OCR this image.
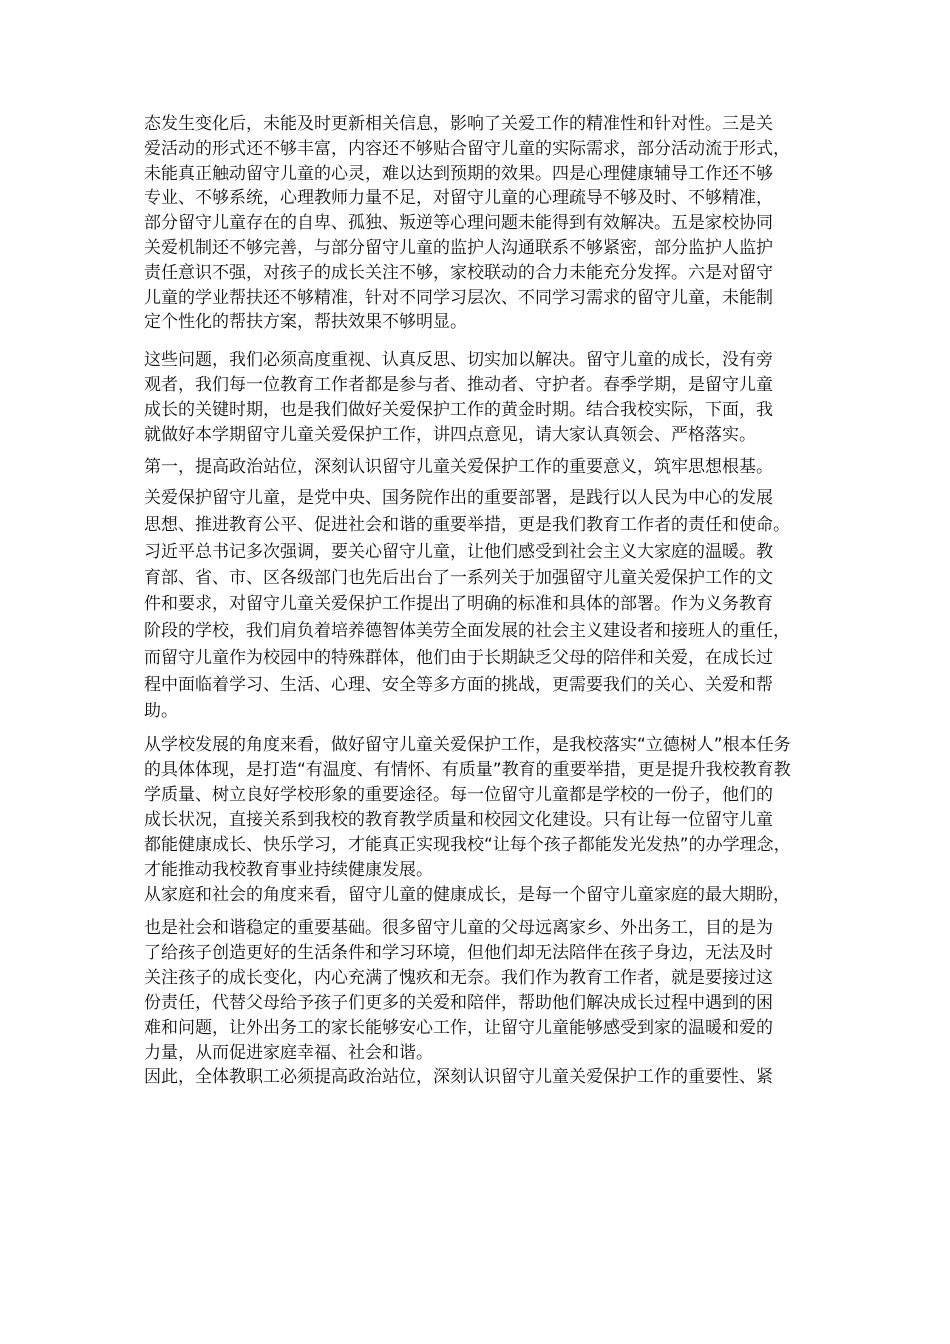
态发生变化后，未能及时更新相关信息，影响了关爱工作的精准性和针对性。三是关

爱活动的形式还不够丰富，内容还不够贴合留守儿童的实际需求，部分活动流于形式，

未能真正触动留守儿童的心灵，难以达到预期的效果。四是心理健康辅导工作还不够

专业、不够系统，心理教师力量不足，对留守儿童的心理疏导不够及时、不够精准，

部分留守儿童存在的自卑、孤独、叛逆等心理问题未能得到有效解决。五是家校协同

关爱机制还不够完善，与部分留守儿童的监护人沟通联系不够紧密，部分监护人监护

责任意识不强，对孩子的成长关注不够，家校联动的合力未能充分发挥。六是对留守

儿童的学业帮扶还不够精准，针对不同学习层次、不同学习需求的留守儿童，未能制

定个性化的帮扶方案，帮扶效果不够明显。

这些问题，我们必须高度重视、认真反思、切实加以解决。留守儿童的成长，没有旁

观者，我们每一位教育工作者都是参与者、推动者、守护者。春季学期，是留守儿童

成长的关键时期，也是我们做好关爱保护工作的黄金时期。结合我校实际，下面，我

就做好本学期留守儿童关爱保护工作，讲四点意见，请大家认真领会、严格落实。

第一，提高政治站位，深刻认识留守儿童关爱保护工作的重要意义，筑牢思想根基。

关爱保护留守儿童，是党中央、国务院作出的重要部署，是践行以人民为中心的发展

思想、推进教育公平、促进社会和谐的重要举措，更是我们教育工作者的责任和使命。

习近平总书记多次强调，要关心留守儿童，让他们感受到社会主义大家庭的温暖。教

育部、省、市、区各级部门也先后出台了一系列关于加强留守儿童关爱保护工作的文

件和要求，对留守儿童关爱保护工作提出了明确的标准和具体的部署。作为义务教育

阶段的学校，我们肩负着培养德智体美劳全面发展的社会主义建设者和接班人的重任，

而留守儿童作为校园中的特殊群体，他们由于长期缺乏父母的陪伴和关爱，在成长过

程中面临着学习、生活、心理、安全等多方面的挑战，更需要我们的关心、关爱和帮

助。

从学校发展的角度来看，做好留守儿童关爱保护工作，是我校落实“立德树人”根本任务

的具体体现，是打造“有温度、有情怀、有质量”教育的重要举措，更是提升我校教育教

学质量、树立良好学校形象的重要途径。每一位留守儿童都是学校的一份子，他们的

成长状况，直接关系到我校的教育教学质量和校园文化建设。只有让每一位留守儿童

都能健康成长、快乐学习，才能真正实现我校“让每个孩子都能发光发热”的办学理念，

才能推动我校教育事业持续健康发展。

从家庭和社会的角度来看，留守儿童的健康成长，是每一个留守儿童家庭的最大期盼，

也是社会和谐稳定的重要基础。很多留守儿童的父母远离家乡、外出务工，目的是为

了给孩子创造更好的生活条件和学习环境，但他们却无法陪伴在孩子身边，无法及时

关注孩子的成长变化，内心充满了愧疚和无奈。我们作为教育工作者，就是要接过这

份责任，代替父母给予孩子们更多的关爱和陪伴，帮助他们解决成长过程中遇到的困

难和问题，让外出务工的家长能够安心工作，让留守儿童能够感受到家的温暖和爱的

力量，从而促进家庭幸福、社会和谐。

因此，全体教职工必须提高政治站位，深刻认识留守儿童关爱保护工作的重要性、紧
